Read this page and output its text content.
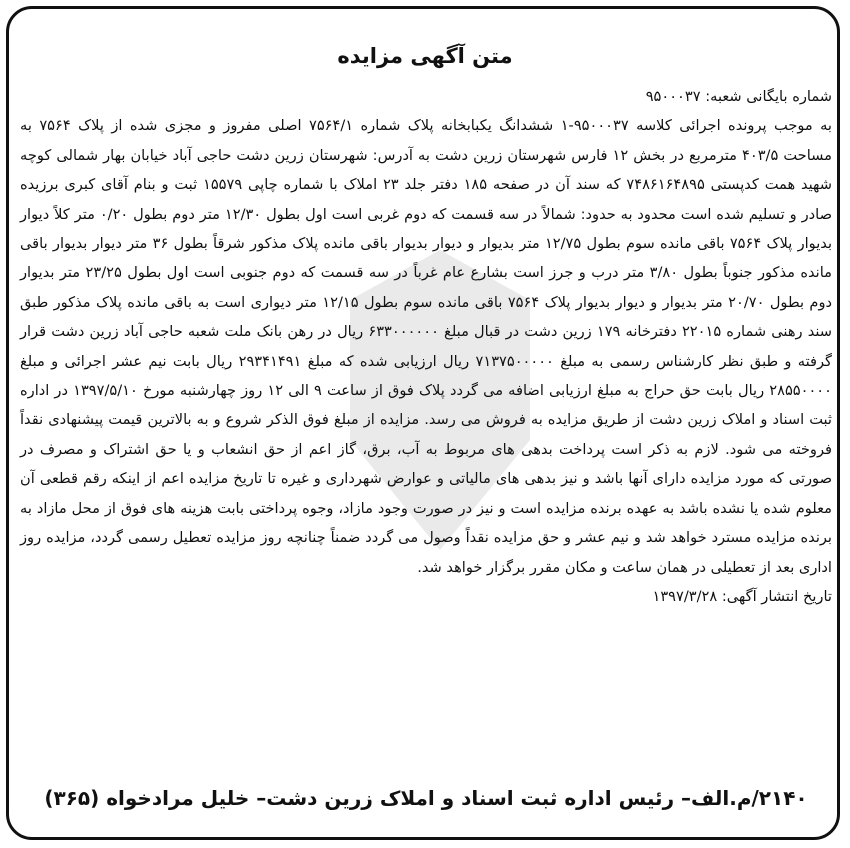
متن آگهی مزایده

شماره بایگانی شعبه: ۹۵۰۰۰۳۷

به موجب پرونده اجرائی کلاسه ۹۵۰۰۰۳۷-۱ ششدانگ یکبابخانه پلاک شماره ۷۵۶۴/۱ اصلی مفروز و مجزی شده از پلاک ۷۵۶۴ به مساحت ۴۰۳/۵ مترمربع در بخش ۱۲ فارس شهرستان زرین دشت به آدرس: شهرستان زرین دشت حاجی آباد خیابان بهار شمالی کوچه شهید همت کدپستی ۷۴۸۶۱۶۴۸۹۵ که سند آن در صفحه ۱۸۵ دفتر جلد ۲۳ املاک با شماره چاپی ۱۵۵۷۹ ثبت و بنام آقای کبری برزیده صادر و تسلیم شده است محدود به حدود: شمالاً در سه قسمت که دوم غربی است اول بطول ۱۲/۳۰ متر دوم بطول ۰/۲۰ متر کلاً دیوار بدیوار پلاک ۷۵۶۴ باقی مانده سوم بطول ۱۲/۷۵ متر بدیوار و دیوار بدیوار باقی مانده پلاک مذکور شرقاً بطول ۳۶ متر دیوار بدیوار باقی مانده مذکور جنوباً بطول ۳/۸۰ متر درب و جرز است بشارع عام غرباً در سه قسمت که دوم جنوبی است اول بطول ۲۳/۲۵ متر بدیوار دوم بطول ۲۰/۷۰ متر بدیوار و دیوار بدیوار پلاک ۷۵۶۴ باقی مانده سوم بطول ۱۲/۱۵ متر دیواری است به باقی مانده پلاک مذکور طبق سند رهنی شماره ۲۲۰۱۵ دفترخانه ۱۷۹ زرین دشت در قبال مبلغ ۶۳۳۰۰۰۰۰۰ ریال در رهن بانک ملت شعبه حاجی آباد زرین دشت قرار گرفته و طبق نظر کارشناس رسمی به مبلغ ۷۱۳۷۵۰۰۰۰۰ ریال ارزیابی شده که مبلغ ۲۹۳۴۱۴۹۱ ریال بابت نیم عشر اجرائی و مبلغ ۲۸۵۵۰۰۰۰ ریال بابت حق حراج به مبلغ ارزیابی اضافه می گردد پلاک فوق از ساعت ۹ الی ۱۲ روز چهارشنبه مورخ ۱۳۹۷/۵/۱۰ در اداره ثبت اسناد و املاک زرین دشت از طریق مزایده به فروش می رسد. مزایده از مبلغ فوق الذکر شروع و به بالاترین قیمت پیشنهادی نقداً فروخته می شود. لازم به ذکر است پرداخت بدهی های مربوط به آب، برق، گاز اعم از حق انشعاب و یا حق اشتراک و مصرف در صورتی که مورد مزایده دارای آنها باشد و نیز بدهی های مالیاتی و عوارض شهرداری و غیره تا تاریخ مزایده اعم از اینکه رقم قطعی آن معلوم شده یا نشده باشد به عهده برنده مزایده است و نیز در صورت وجود مازاد، وجوه پرداختی بابت هزینه های فوق از محل مازاد به برنده مزایده مسترد خواهد شد و نیم عشر و حق مزایده نقداً وصول می گردد ضمناً چنانچه روز مزایده تعطیل رسمی گردد، مزایده روز اداری بعد از تعطیلی در همان ساعت و مکان مقرر برگزار خواهد شد.

تاریخ انتشار آگهی: ۱۳۹۷/۳/۲۸

۲۱۴۰/م.الف– رئیس اداره ثبت اسناد و املاک زرین دشت– خلیل مرادخواه (۳۶۵)
